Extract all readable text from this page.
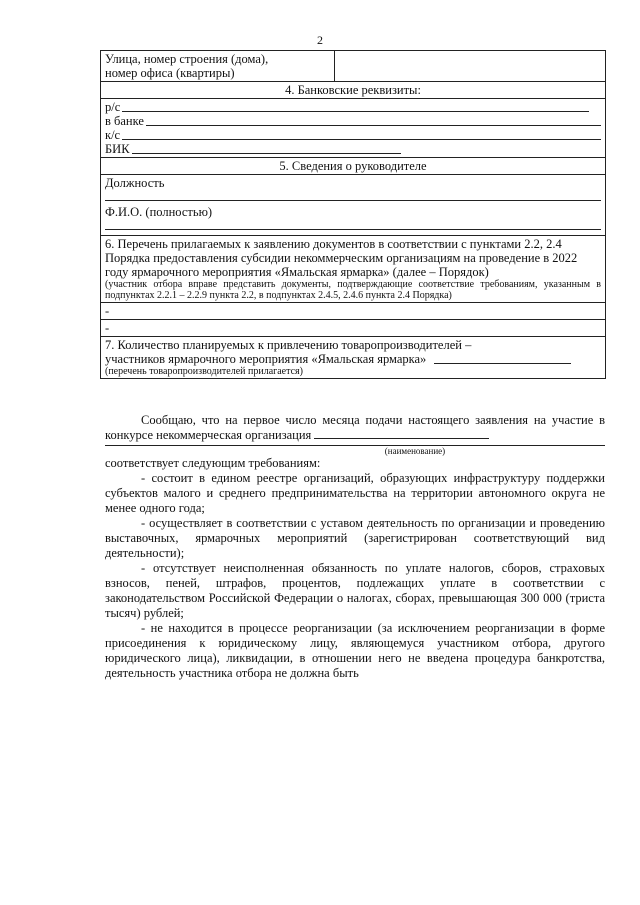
2
Улица, номер строения (дома),
номер офиса (квартиры)

4. Банковские реквизиты:

р/с
в банке
к/с
БИК

5. Сведения о руководителе

Должность
Ф.И.О. (полностью)

6. Перечень прилагаемых к заявлению документов в соответствии с пунктами 2.2, 2.4 Порядка предоставления субсидии некоммерческим организациям на проведение в 2022 году ярмарочного мероприятия «Ямальская ярмарка» (далее – Порядок)
(участник отбора вправе представить документы, подтверждающие соответствие требованиям, указанным в подпунктах 2.2.1 – 2.2.9 пункта 2.2, в подпунктах 2.4.5, 2.4.6 пункта 2.4 Порядка)

-
-

7. Количество планируемых к привлечению товаропроизводителей –
участников ярмарочного мероприятия «Ямальская ярмарка»
(перечень товаропроизводителей прилагается)

Сообщаю, что на первое число месяца подачи настоящего заявления на участие в конкурсе некоммерческая организация

(наименование)

соответствует следующим требованиям:

- состоит в едином реестре организаций, образующих инфраструктуру поддержки субъектов малого и среднего предпринимательства на территории автономного округа не менее одного года;

- осуществляет в соответствии с уставом деятельность по организации и проведению выставочных, ярмарочных мероприятий (зарегистрирован соответствующий вид деятельности);

- отсутствует неисполненная обязанность по уплате налогов, сборов, страховых взносов, пеней, штрафов, процентов, подлежащих уплате в соответствии с законодательством Российской Федерации о налогах, сборах, превышающая 300 000 (триста тысяч) рублей;

- не находится в процессе реорганизации (за исключением реорганизации в форме присоединения к юридическому лицу, являющемуся участником отбора, другого юридического лица), ликвидации, в отношении него не введена процедура банкротства, деятельность участника отбора не должна быть
